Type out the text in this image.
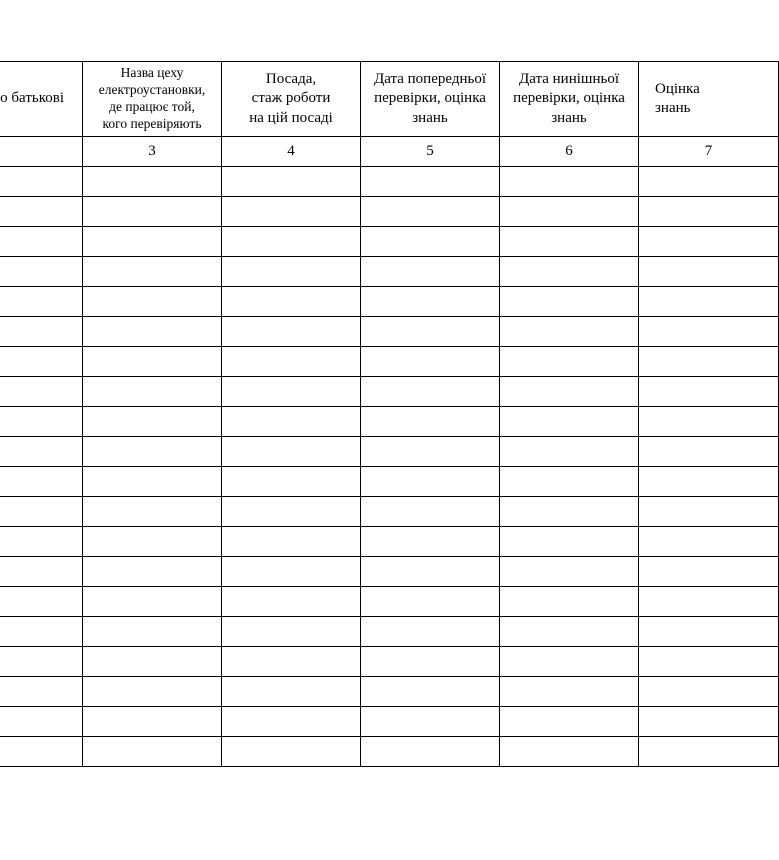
о батькові	Назва цеху
електроустановки,
де працює той,
кого перевіряють	Посада,
стаж роботи
на цій посаді	Дата попередньої
перевірки, оцінка
знань	Дата нинішньої
перевірки, оцінка
знань	Оцінка
знань

	3	4	5	6	7
